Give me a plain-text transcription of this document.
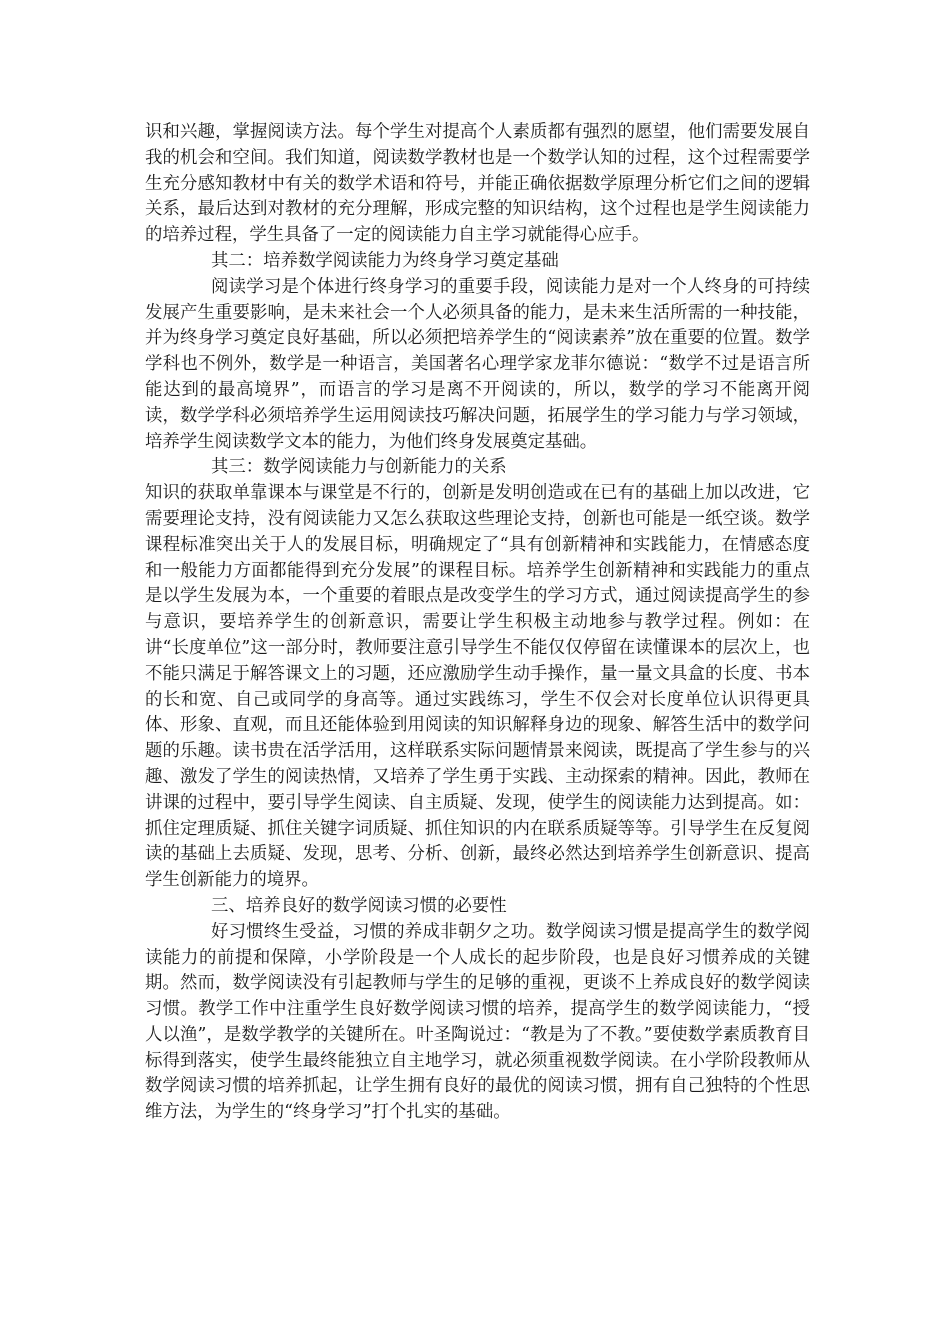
识和兴趣，掌握阅读方法。每个学生对提高个人素质都有强烈的愿望，他们需要发展自我的机会和空间。我们知道，阅读数学教材也是一个数学认知的过程，这个过程需要学生充分感知教材中有关的数学术语和符号，并能正确依据数学原理分析它们之间的逻辑关系，最后达到对教材的充分理解，形成完整的知识结构，这个过程也是学生阅读能力的培养过程，学生具备了一定的阅读能力自主学习就能得心应手。

其二：培养数学阅读能力为终身学习奠定基础

阅读学习是个体进行终身学习的重要手段，阅读能力是对一个人终身的可持续发展产生重要影响，是未来社会一个人必须具备的能力，是未来生活所需的一种技能，并为终身学习奠定良好基础，所以必须把培养学生的“阅读素养”放在重要的位置。数学学科也不例外，数学是一种语言，美国著名心理学家龙菲尔德说：“数学不过是语言所能达到的最高境界”，而语言的学习是离不开阅读的，所以，数学的学习不能离开阅读，数学学科必须培养学生运用阅读技巧解决问题，拓展学生的学习能力与学习领域，培养学生阅读数学文本的能力，为他们终身发展奠定基础。

其三：数学阅读能力与创新能力的关系

知识的获取单靠课本与课堂是不行的，创新是发明创造或在已有的基础上加以改进，它需要理论支持，没有阅读能力又怎么获取这些理论支持，创新也可能是一纸空谈。数学课程标准突出关于人的发展目标，明确规定了“具有创新精神和实践能力，在情感态度和一般能力方面都能得到充分发展”的课程目标。培养学生创新精神和实践能力的重点是以学生发展为本，一个重要的着眼点是改变学生的学习方式，通过阅读提高学生的参与意识，要培养学生的创新意识，需要让学生积极主动地参与教学过程。例如：在讲“长度单位”这一部分时，教师要注意引导学生不能仅仅停留在读懂课本的层次上，也不能只满足于解答课文上的习题，还应激励学生动手操作，量一量文具盒的长度、书本的长和宽、自己或同学的身高等。通过实践练习，学生不仅会对长度单位认识得更具体、形象、直观，而且还能体验到用阅读的知识解释身边的现象、解答生活中的数学问题的乐趣。读书贵在活学活用，这样联系实际问题情景来阅读，既提高了学生参与的兴趣、激发了学生的阅读热情，又培养了学生勇于实践、主动探索的精神。因此，教师在讲课的过程中，要引导学生阅读、自主质疑、发现，使学生的阅读能力达到提高。如：抓住定理质疑、抓住关键字词质疑、抓住知识的内在联系质疑等等。引导学生在反复阅读的基础上去质疑、发现，思考、分析、创新，最终必然达到培养学生创新意识、提高学生创新能力的境界。

三、培养良好的数学阅读习惯的必要性

好习惯终生受益，习惯的养成非朝夕之功。数学阅读习惯是提高学生的数学阅读能力的前提和保障，小学阶段是一个人成长的起步阶段，也是良好习惯养成的关键期。然而，数学阅读没有引起教师与学生的足够的重视，更谈不上养成良好的数学阅读习惯。教学工作中注重学生良好数学阅读习惯的培养，提高学生的数学阅读能力，“授人以渔”，是数学教学的关键所在。叶圣陶说过：“教是为了不教。”要使数学素质教育目标得到落实，使学生最终能独立自主地学习，就必须重视数学阅读。在小学阶段教师从数学阅读习惯的培养抓起，让学生拥有良好的最优的阅读习惯，拥有自己独特的个性思维方法，为学生的“终身学习”打个扎实的基础。
